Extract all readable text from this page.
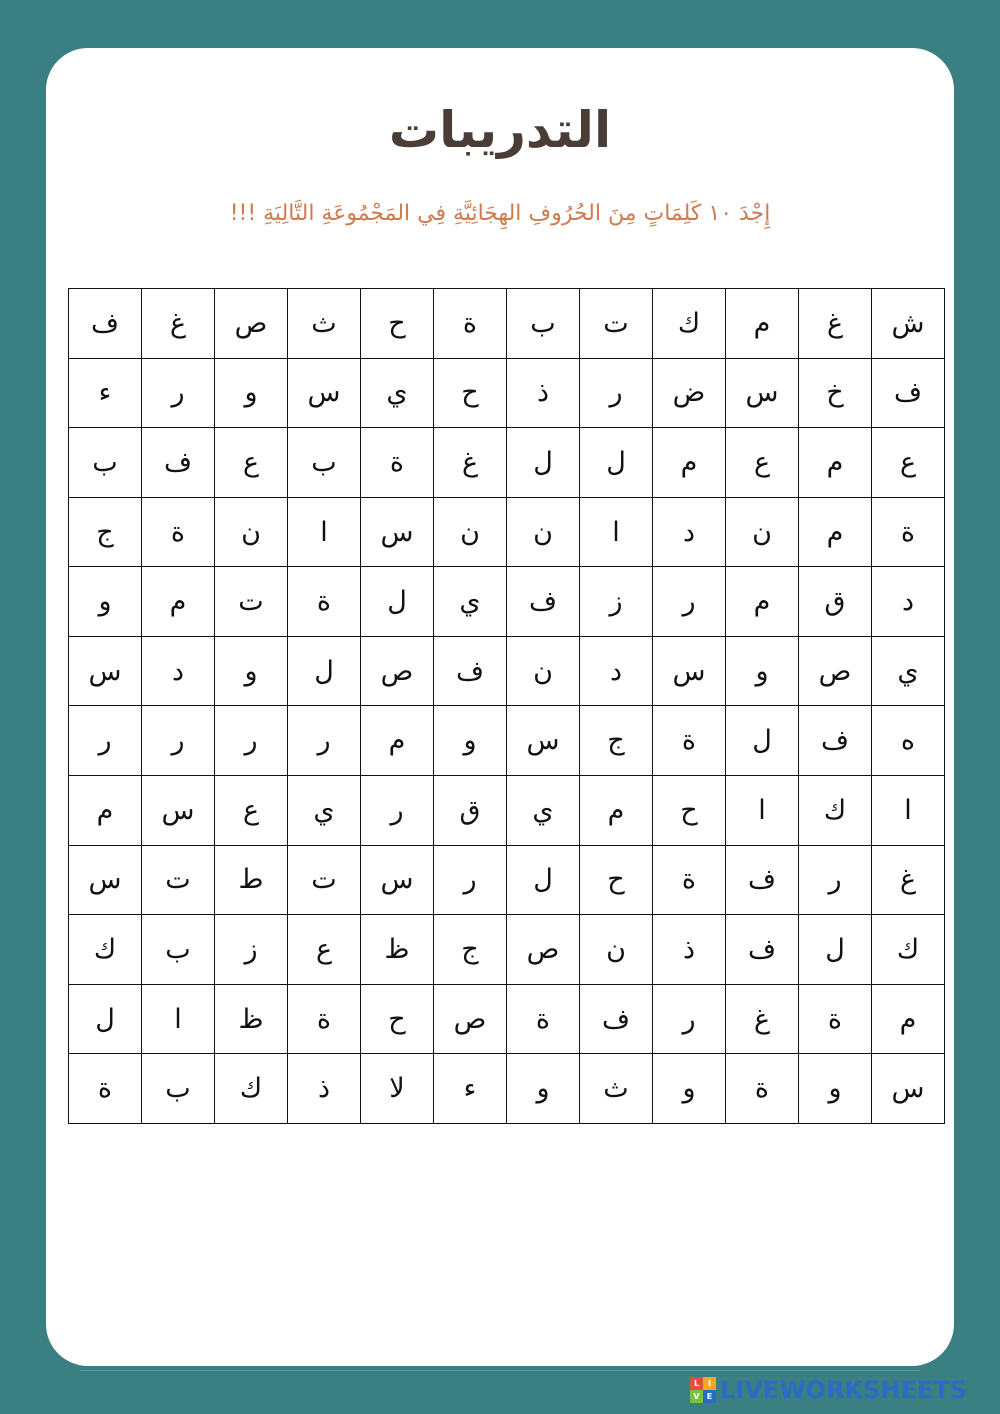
التدريبات
إِجْدَ ١٠ كَلِمَاتٍ مِنَ الحُرُوفِ الهِجَائِيَّةِ فِي المَجْمُوعَةِ التَّالِيَةِ !!!
ش	غ	م	ك	ت	ب	ة	ح	ث	ص	غ	ف
ف	خ	س	ض	ر	ذ	ح	ي	س	و	ر	ء
ع	م	ع	م	ل	ل	غ	ة	ب	ع	ف	ب
ة	م	ن	د	ا	ن	ن	س	ا	ن	ة	ج
د	ق	م	ر	ز	ف	ي	ل	ة	ت	م	و
ي	ص	و	س	د	ن	ف	ص	ل	و	د	س
ه	ف	ل	ة	ج	س	و	م	ر	ر	ر	ر
ا	ك	ا	ح	م	ي	ق	ر	ي	ع	س	م
غ	ر	ف	ة	ح	ل	ر	س	ت	ط	ت	س
ك	ل	ف	ذ	ن	ص	ج	ظ	ع	ز	ب	ك
م	ة	غ	ر	ف	ة	ص	ح	ة	ظ	ا	ل
س	و	ة	و	ث	و	ء	لا	ذ	ك	ب	ة
L	I
V E LIVEWORKSHEETS
